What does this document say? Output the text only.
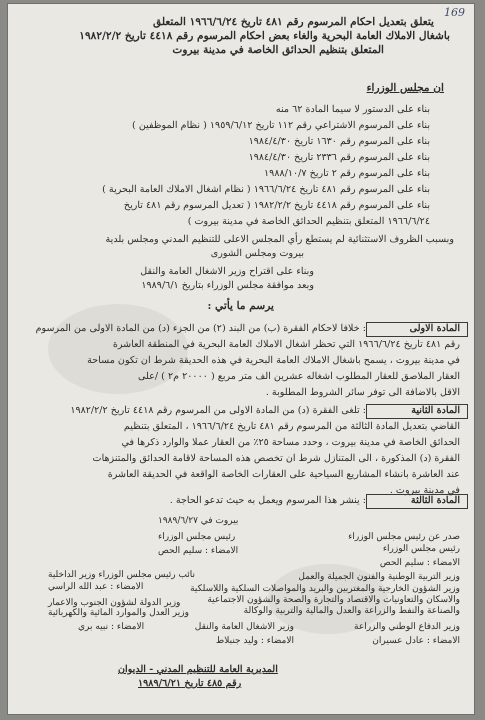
169
يتعلق بتعديل احكام المرسوم رقم ٤٨١ تاريخ ١٩٦٦/٦/٢٤ المتعلق
باشغال الاملاك العامة البحرية والغاء بعض احكام المرسوم رقم ٤٤١٨ تاريخ ١٩٨٢/٢/٢
المتعلق بتنظيم الحدائق الخاصة في مدينة بيروت
ان مجلس الوزراء
بناء على الدستور لا سيما المادة ٦٢ منه
بناء على المرسوم الاشتراعي رقم ١١٢ تاريخ ١٩٥٩/٦/١٢ ( نظام الموظفين )
بناء على المرسوم رقم ١٦٣٠ تاريخ ١٩٨٤/٤/٣٠
بناء على المرسوم رقم ٢٣٣٦ تاريخ ١٩٨٤/٤/٣٠
بناء على المرسوم رقم ٢ تاريخ ١٩٨٨/١٠/٧
بناء على المرسوم رقم ٤٨١ تاريخ ١٩٦٦/٦/٢٤ ( نظام اشغال الاملاك العامة البحرية )
بناء على المرسوم رقم ٤٤١٨ تاريخ ١٩٨٢/٢/٢ ( تعديل المرسوم رقم ٤٨١ تاريخ
١٩٦٦/٦/٢٤ المتعلق بتنظيم الحدائق الخاصة في مدينة بيروت )
وبسبب الظروف الاستثنائية لم يستطع رأي المجلس الاعلى للتنظيم المدني ومجلس بلدية
بيروت ومجلس الشورى
وبناء على اقتراح وزير الاشغال العامة والنقل
وبعد موافقة مجلس الوزراء بتاريخ ١٩٨٩/٦/١
يرسم ما يأتي :
المادة الاولى
: خلافا لاحكام الفقرة (ب) من البند (٢) من الجزء (د) من المادة الاولى من المرسوم
رقم ٤٨١ تاريخ ١٩٦٦/٦/٢٤ التي تحظر اشغال الاملاك العامة البحرية في المنطقة العاشرة
في مدينة بيروت ، يسمح باشغال الاملاك العامة البحرية في هذه الحديقة شرط ان تكون مساحة
العقار الملاصق للعقار المطلوب اشغاله عشرين الف متر مربع ( ٢٠٠٠٠ م٢ ) /على
الاقل بالاضافة الى توفر سائر الشروط المطلوبة .
المادة الثانية
: تلغى الفقرة (د) من المادة الاولى من المرسوم رقم ٤٤١٨ تاريخ ١٩٨٢/٢/٢
القاضي بتعديل المادة الثالثة من المرسوم رقم ٤٨١ تاريخ ١٩٦٦/٦/٢٤ ، المتعلق بتنظيم
الحدائق الخاصة في مدينة بيروت ، وحدد مساحة ٢٥٪ من العقار عملا والوارد ذكرها في
الفقرة (د) المذكورة ، الى المتنازل شرط ان تخصص هذه المساحة لاقامة الحدائق والمتنزهات
عند العاشرة بانشاء المشاريع السياحية على العقارات الخاصة الواقعة في الحديقة العاشرة
في مدينة بيروت .
المادة الثالثة
: ينشر هذا المرسوم ويعمل به حيث تدعو الحاجة .
بيروت في ١٩٨٩/٦/٢٧
صدر عن رئيس مجلس الوزراء
رئيس مجلس الوزراء
الامضاء : سليم الحص
وزير التربية الوطنية والفنون الجميلة والعمل
وزير الشؤون الخارجية والمغتربين والبريد والمواصلات السلكية واللاسلكية
والاسكان والتعاونيات والاقتصاد والتجارة والصحة والشؤون الاجتماعية
والصناعة والنفط والزراعة والعدل والمالية والتربية والوكالة
رئيس مجلس الوزراء
الامضاء : سليم الحص
نائب رئيس مجلس الوزراء وزير الداخلية
الامضاء : عبد الله الراسي
وزير الدولة لشؤون الجنوب والاعمار
وزير العدل والموارد المائية والكهربائية
الامضاء : نبيه بري	وزير الدفاع الوطني والزراعة
الامضاء : عادل عسيران
وزير الاشغال العامة والنقل
الامضاء : وليد جنبلاط
المديرية العامة للتنظيم المدني - الديوان
رقم ٤٨٥ تاريخ ١٩٨٩/٦/٢١
